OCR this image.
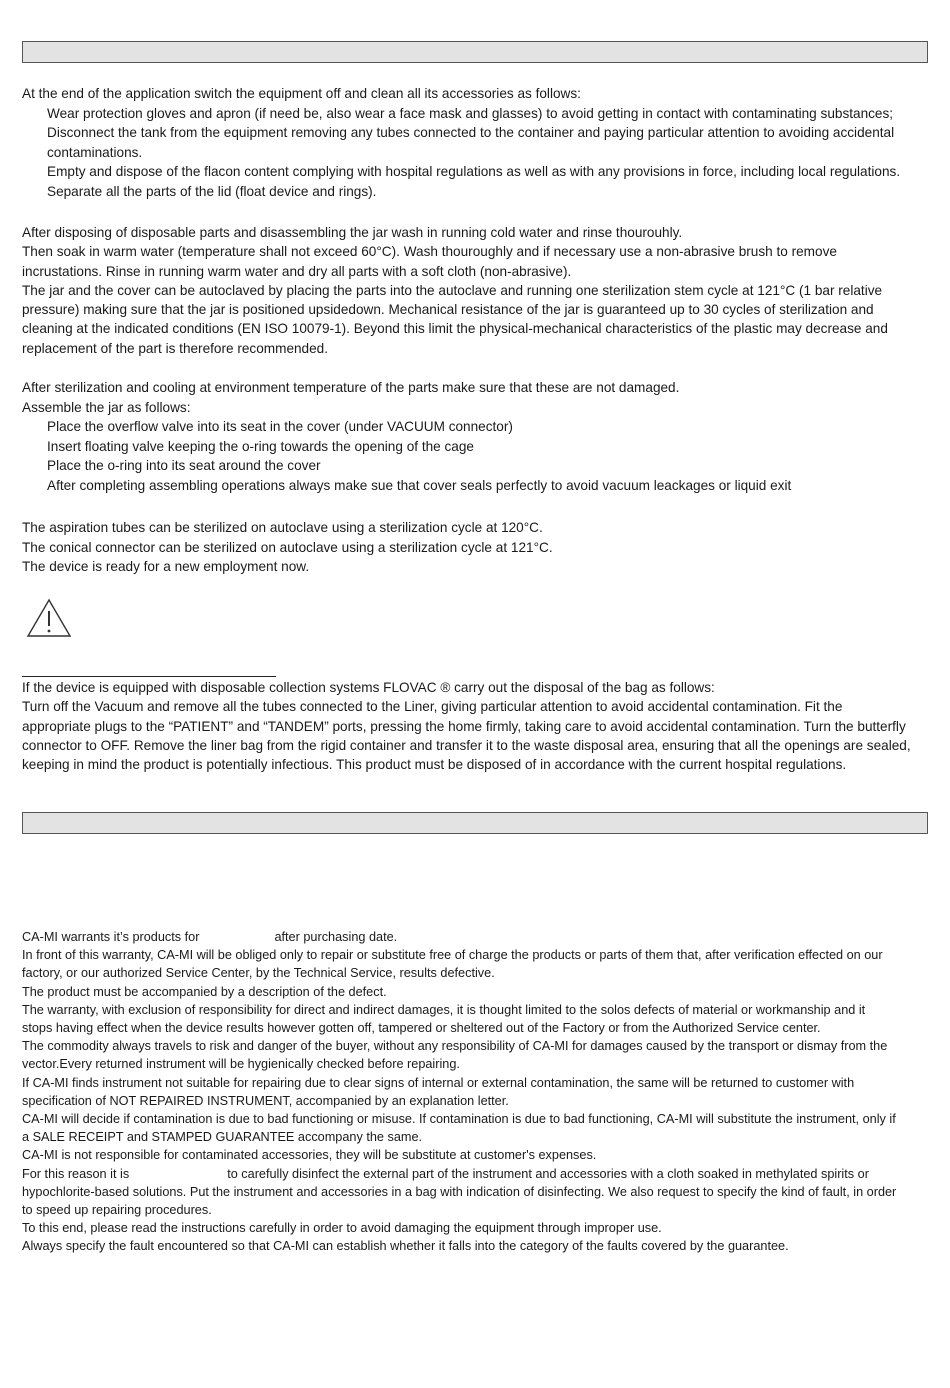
At the end of the application switch the equipment off and clean all its accessories as follows:
Wear protection gloves and apron (if need be, also wear a face mask and glasses) to avoid getting in contact with contaminating substances;
Disconnect the tank from the equipment removing any tubes connected to the container and paying particular attention to avoiding accidental
contaminations.
Empty and dispose of the flacon content complying with hospital regulations as well as with any provisions in force, including local regulations.
Separate all the parts of the lid (float device and rings).
After disposing of disposable parts and disassembling the jar wash in running cold water and rinse thourouhly.
Then soak in warm water (temperature shall not exceed 60°C). Wash thouroughly and if necessary use a non-abrasive brush to remove
incrustations. Rinse in running warm water and dry all parts with a soft cloth (non-abrasive).
The jar and the cover can be autoclaved by placing the parts into the autoclave and running one sterilization stem cycle at 121°C (1 bar relative
pressure) making sure that the jar is positioned upsidedown. Mechanical resistance of the jar is guaranteed up to 30 cycles of sterilization and
cleaning at the indicated conditions (EN ISO 10079-1). Beyond this limit the physical-mechanical characteristics of the plastic may decrease and
replacement of the part is therefore recommended.
After sterilization and cooling at environment temperature of the parts make sure that these are not damaged.
Assemble the jar as follows:
Place the overflow valve into its seat in the cover (under VACUUM connector)
Insert floating valve keeping the o-ring towards the opening of the cage
Place the o-ring into its seat around the cover
After completing assembling operations always make sue that cover seals perfectly to avoid vacuum leackages or liquid exit
The aspiration tubes can be sterilized on autoclave using a sterilization cycle at 120°C.
The conical connector can be sterilized on autoclave using a sterilization cycle at 121°C.
The device is ready for a new employment now.
If the device is equipped with disposable collection systems FLOVAC ® carry out the disposal of the bag as follows:
Turn off the Vacuum and remove all the tubes connected to the Liner, giving particular attention to avoid accidental contamination. Fit the
appropriate plugs to the “PATIENT” and “TANDEM” ports, pressing the home firmly, taking care to avoid accidental contamination. Turn the butterfly
connector to OFF. Remove the liner bag from the rigid container and transfer it to the waste disposal area, ensuring that all the openings are sealed,
keeping in mind the product is potentially infectious. This product must be disposed of in accordance with the current hospital regulations.
CA-MI warrants it’s products for	after purchasing date.
In front of this warranty, CA-MI will be obliged only to repair or substitute free of charge the products or parts of them that, after verification effected on our
factory, or our authorized Service Center, by the Technical Service, results defective.
The product must be accompanied by a description of the defect.
The warranty, with exclusion of responsibility for direct and indirect damages, it is thought limited to the solos defects of material or workmanship and it
stops having effect when the device results however gotten off, tampered or sheltered out of the Factory or from the Authorized Service center.
The commodity always travels to risk and danger of the buyer, without any responsibility of CA-MI for damages caused by the transport or dismay from the
vector.Every returned instrument will be hygienically checked before repairing.
If CA-MI finds instrument not suitable for repairing due to clear signs of internal or external contamination, the same will be returned to customer with
specification of NOT REPAIRED INSTRUMENT, accompanied by an explanation letter.
CA-MI will decide if contamination is due to bad functioning or misuse. If contamination is due to bad functioning, CA-MI will substitute the instrument, only if
a SALE RECEIPT and STAMPED GUARANTEE accompany the same.
CA-MI is not responsible for contaminated accessories, they will be substitute at customer's expenses.
For this reason it is	to carefully disinfect the external part of the instrument and accessories with a cloth soaked in methylated spirits or
hypochlorite-based solutions. Put the instrument and accessories in a bag with indication of disinfecting. We also request to specify the kind of fault, in order
to speed up repairing procedures.
To this end, please read the instructions carefully in order to avoid damaging the equipment through improper use.
Always specify the fault encountered so that CA-MI can establish whether it falls into the category of the faults covered by the guarantee.
